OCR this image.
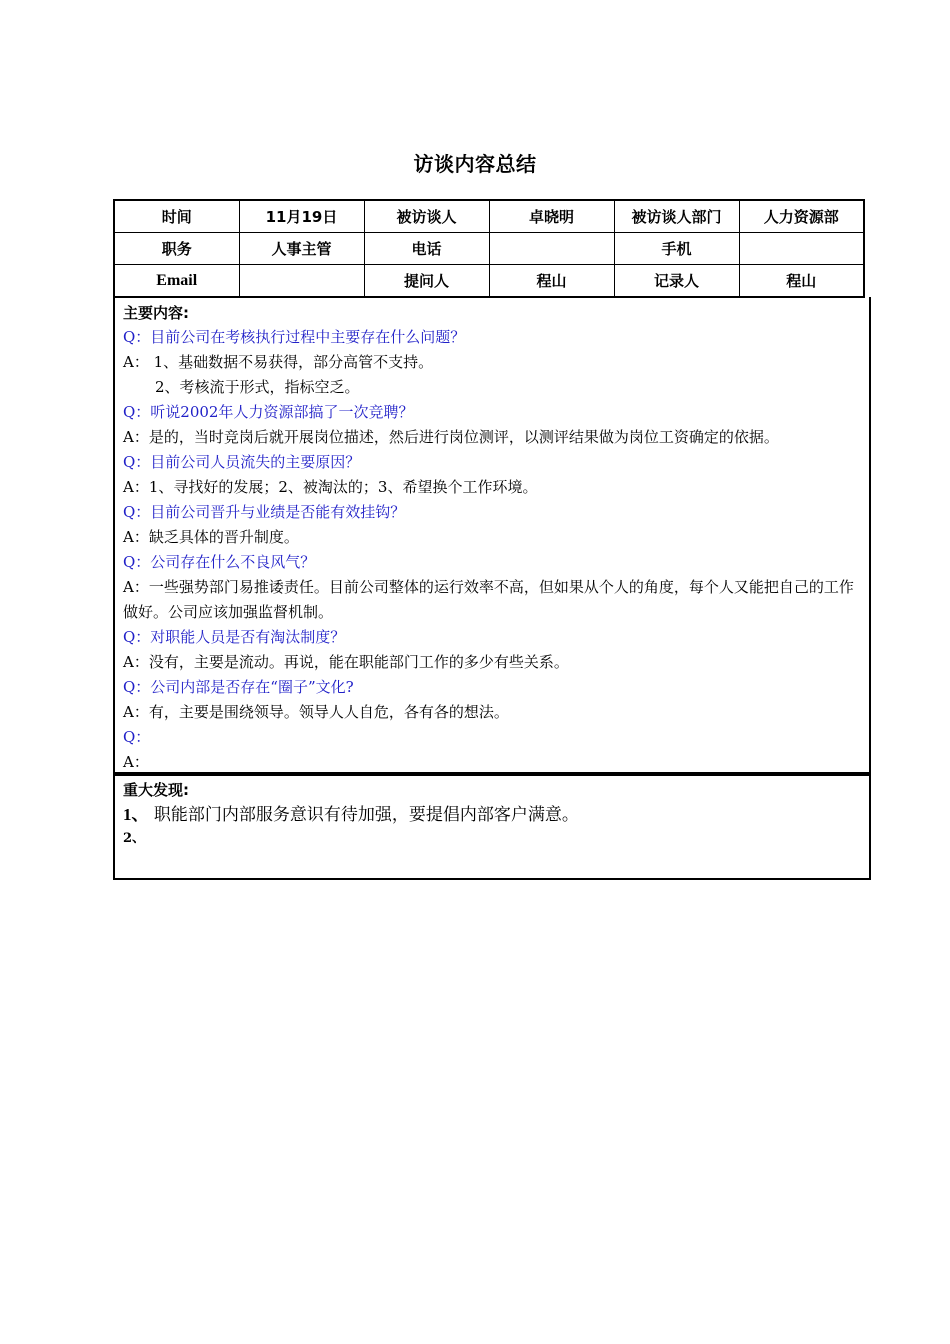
访谈内容总结
时间	11月19日	被访谈人	卓晓明	被访谈人部门	人力资源部
职务	人事主管	电话		手机	
Email		提问人	程山	记录人	程山
主要内容:
Q：目前公司在考核执行过程中主要存在什么问题？
A： 1、基础数据不易获得，部分高管不支持。
2、考核流于形式，指标空乏。
Q：听说2002年人力资源部搞了一次竞聘？
A：是的，当时竞岗后就开展岗位描述，然后进行岗位测评，以测评结果做为岗位工资确定的依据。
Q：目前公司人员流失的主要原因？
A：1、寻找好的发展；2、被淘汰的；3、希望换个工作环境。
Q：目前公司晋升与业绩是否能有效挂钩？
A：缺乏具体的晋升制度。
Q：公司存在什么不良风气？
A：一些强势部门易推诿责任。目前公司整体的运行效率不高，但如果从个人的角度，每个人又能把自己的工作做好。公司应该加强监督机制。
Q：对职能人员是否有淘汰制度？
A：没有，主要是流动。再说，能在职能部门工作的多少有些关系。
Q：公司内部是否存在“圈子”文化?
A：有，主要是围绕领导。领导人人自危，各有各的想法。
Q：
A：
重大发现:
1、 职能部门内部服务意识有待加强，要提倡内部客户满意。
2、
